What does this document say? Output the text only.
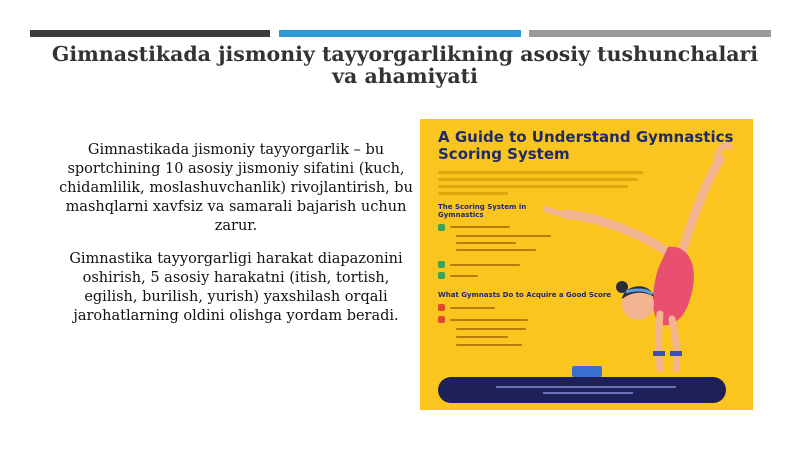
Gimnastikada jismoniy tayyorgarlikning asosiy tushunchalari va ahamiyati
Gimnastikada jismoniy tayyorgarlik – bu sportchining 10 asosiy jismoniy sifatini (kuch, chidamlilik, moslashuvchanlik) rivojlantirish, bu mashqlarni xavfsiz va samarali bajarish uchun zarur.
Gimnastika tayyorgarligi harakat diapazonini oshirish, 5 asosiy harakatni (itish, tortish, egilish, burilish, yurish) yaxshilash orqali jarohatlarning oldini olishga yordam beradi.
A Guide to Understand Gymnastics
Scoring System
The Scoring System in Gymnastics
What Gymnasts Do to Acquire a Good Score
